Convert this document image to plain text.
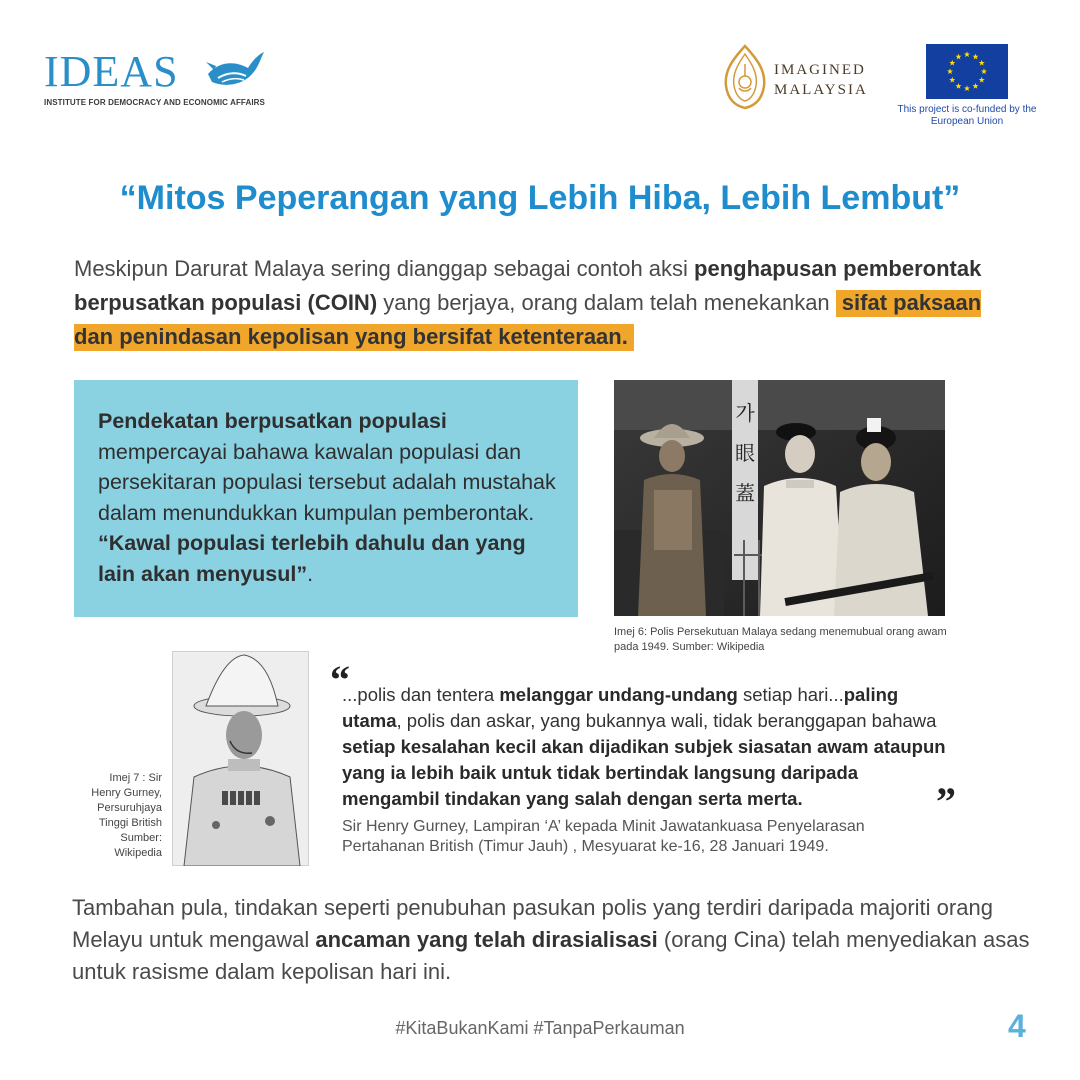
IDEAS
INSTITUTE FOR DEMOCRACY AND ECONOMIC AFFAIRS
IMAGINED
MALAYSIA
This project is co-funded by the European Union
“Mitos Peperangan yang Lebih Hiba, Lebih Lembut”
Meskipun Darurat Malaya sering dianggap sebagai contoh aksi penghapusan pemberontak berpusatkan populasi (COIN) yang berjaya, orang dalam telah menekankan sifat paksaan dan penindasan kepolisan yang bersifat ketenteraan.
Pendekatan berpusatkan populasi mempercayai bahawa kawalan populasi dan persekitaran populasi tersebut adalah mustahak dalam menundukkan kumpulan pemberontak. “Kawal populasi terlebih dahulu dan yang lain akan menyusul”.
가
眼
蓋
Imej 6: Polis Persekutuan Malaya sedang menemubual orang awam pada 1949. Sumber: Wikipedia
Imej 7 : Sir Henry Gurney, Persuruhjaya Tinggi British Sumber: Wikipedia
“
...polis dan tentera melanggar undang-undang setiap hari...paling utama, polis dan askar, yang bukannya wali, tidak beranggapan bahawa setiap kesalahan kecil akan dijadikan subjek siasatan awam ataupun yang ia lebih baik untuk tidak bertindak langsung daripada mengambil tindakan yang salah dengan serta merta.	”
Sir Henry Gurney, Lampiran ‘A’ kepada Minit Jawatankuasa Penyelarasan Pertahanan British (Timur Jauh) , Mesyuarat ke-16, 28 Januari 1949.
Tambahan pula, tindakan seperti penubuhan pasukan polis yang terdiri daripada majoriti orang Melayu untuk mengawal ancaman yang telah dirasialisasi (orang Cina) telah menyediakan asas untuk rasisme dalam kepolisan hari ini.
#KitaBukanKami #TanpaPerkauman	4
